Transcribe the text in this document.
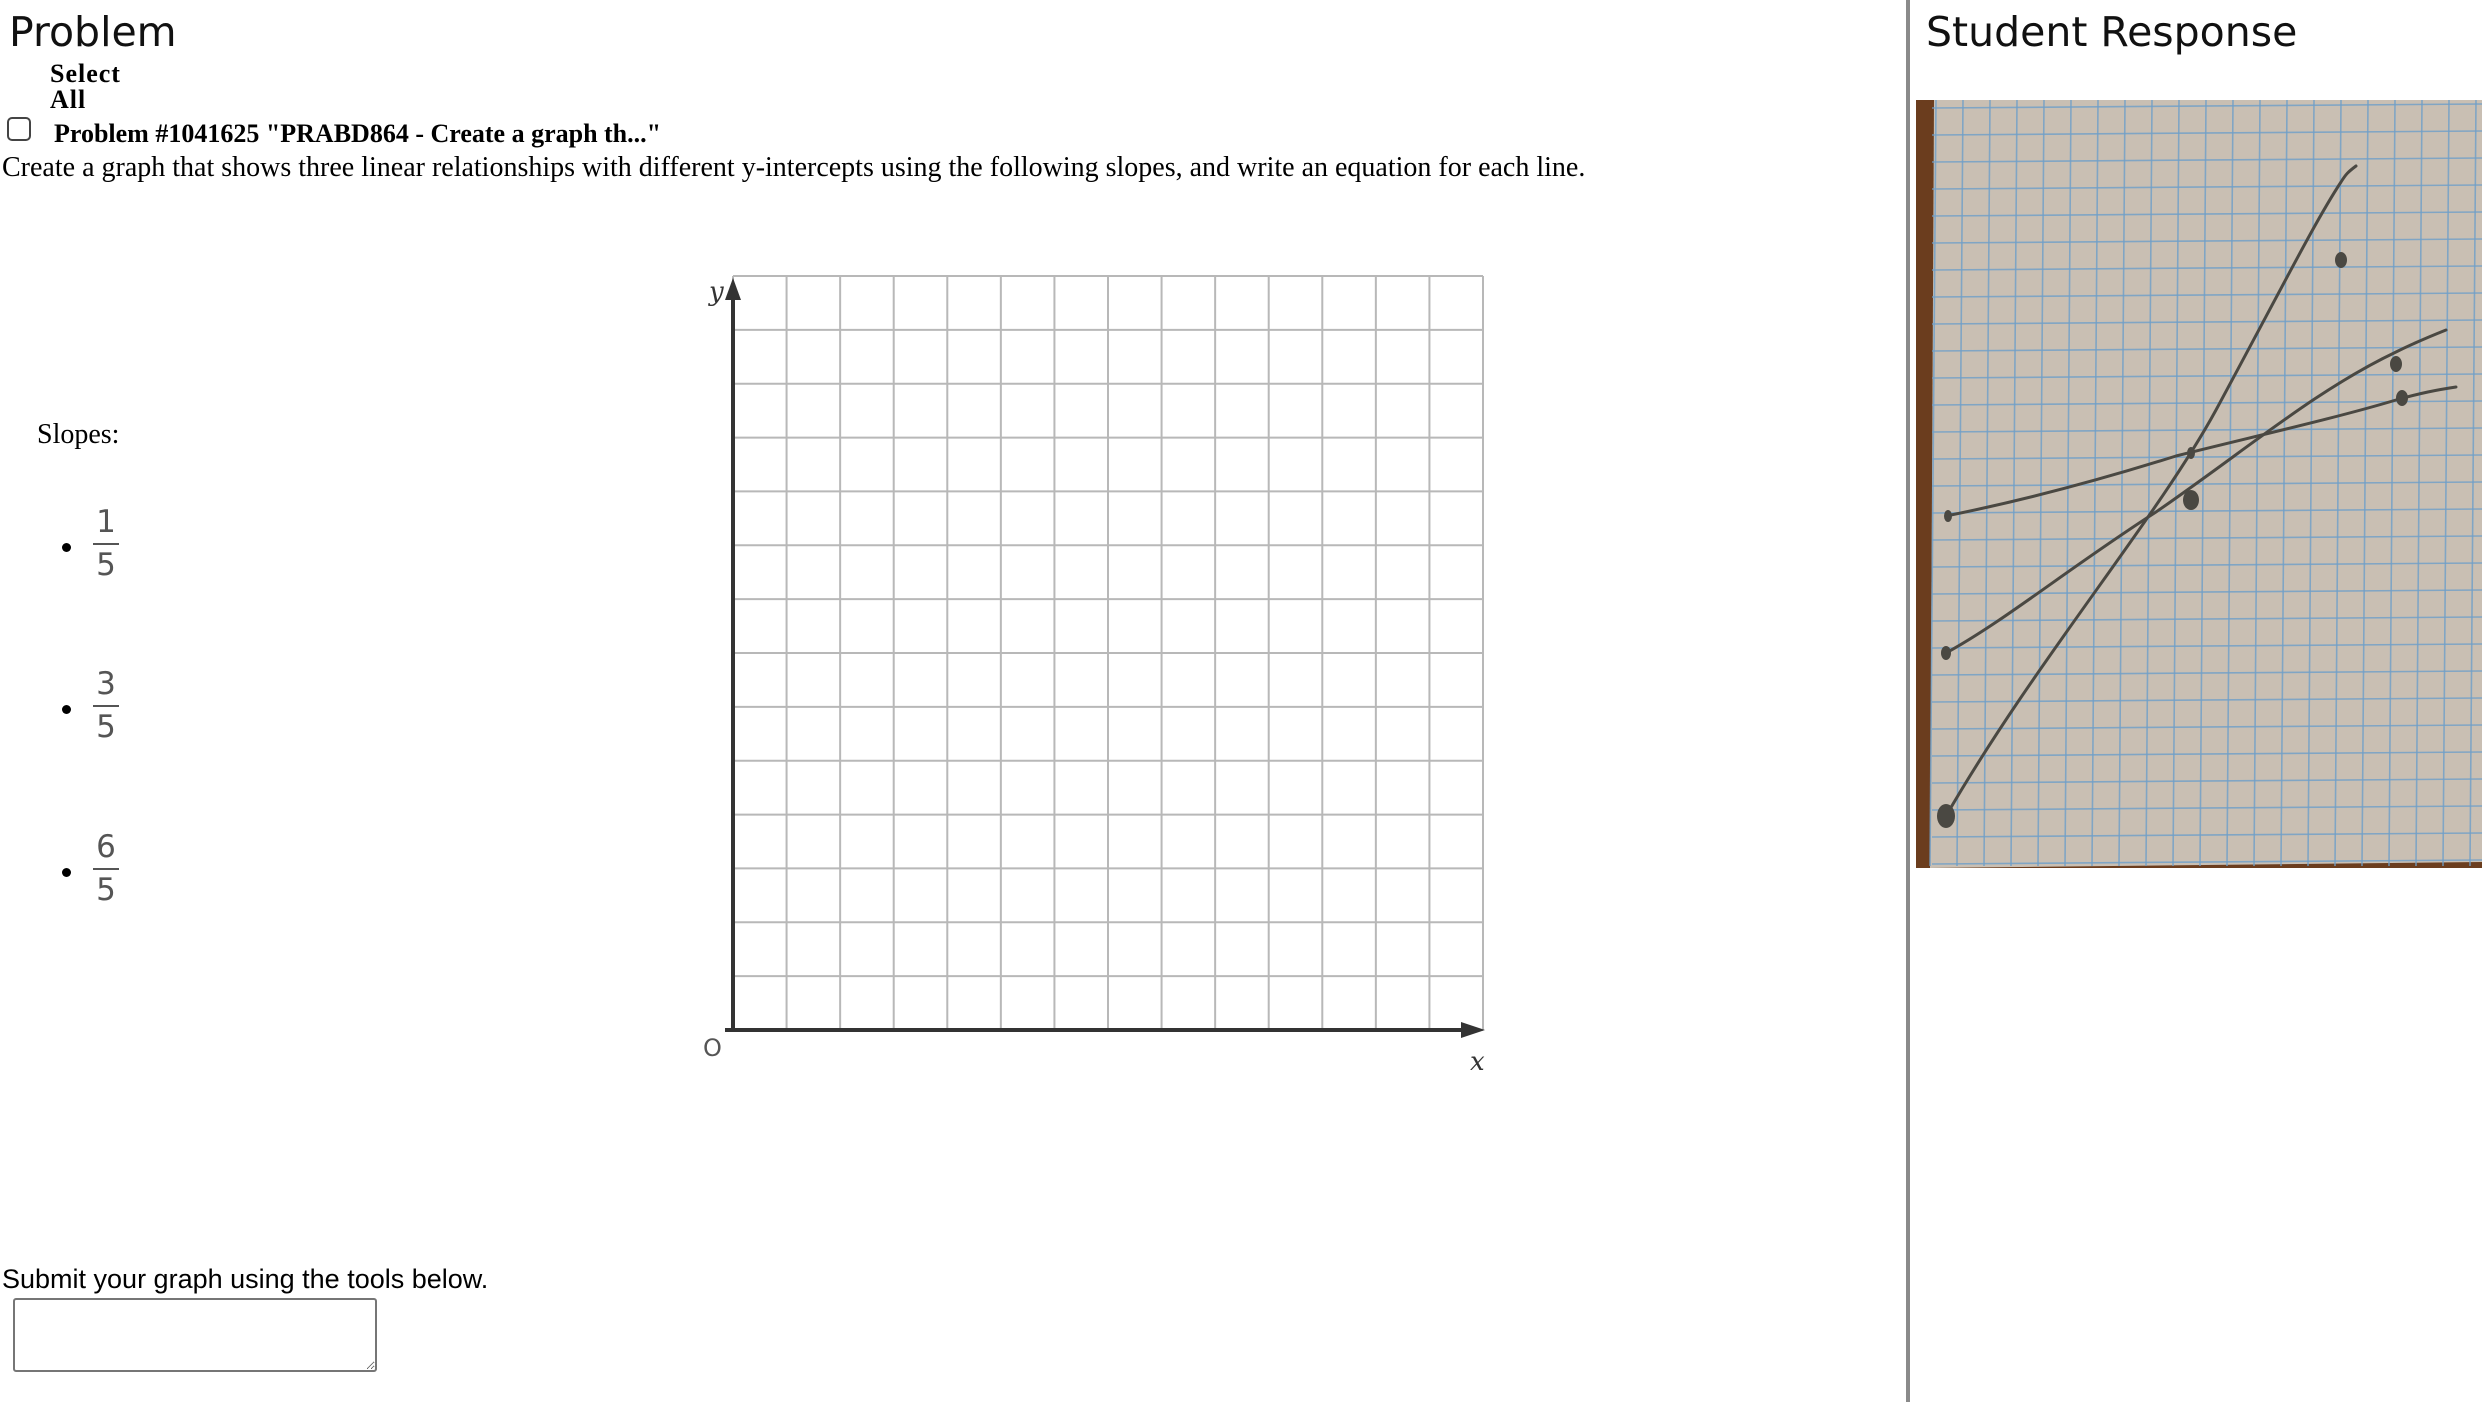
Problem
Select All
Problem #1041625 "PRABD864 - Create a graph th..."
Create a graph that shows three linear relationships with different y-intercepts using the following slopes, and write an equation for each line.
Slopes:
1
5
3
5
6
5
y
x
O
Submit your graph using the tools below.
Student Response
